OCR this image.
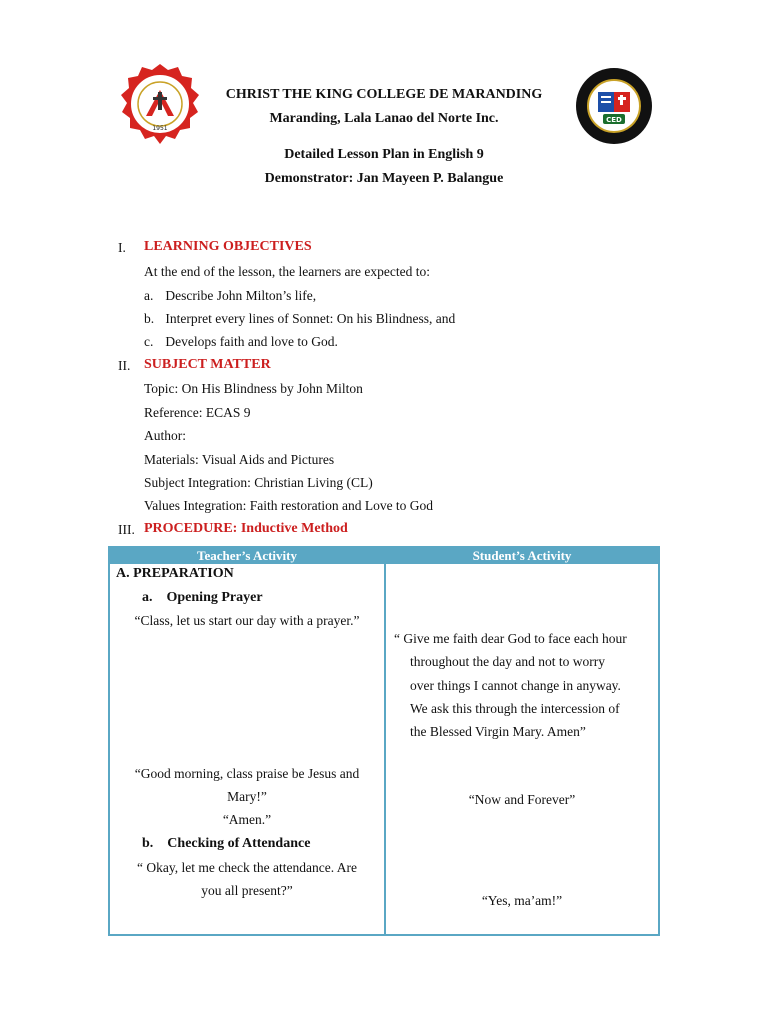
1951
CED
CHRIST THE KING COLLEGE DE MARANDING
Maranding, Lala Lanao del Norte Inc.
Detailed Lesson Plan in English 9
Demonstrator: Jan Mayeen P. Balangue
I. LEARNING OBJECTIVES
At the end of the lesson, the learners are expected to:
a. Describe John Milton’s life,
b. Interpret every lines of Sonnet: On his Blindness, and
c. Develops faith and love to God.
II. SUBJECT MATTER
Topic: On His Blindness by John Milton
Reference: ECAS 9
Author:
Materials: Visual Aids and Pictures
Subject Integration: Christian Living (CL)
Values Integration: Faith restoration and Love to God
III. PROCEDURE: Inductive Method
Teacher’s Activity	Student’s Activity
A. PREPARATION
a. Opening Prayer
“Class, let us start our day with a prayer.”
“Good morning, class praise be Jesus and
Mary!”
“Amen.”
b. Checking of Attendance
“ Okay, let me check the attendance. Are
you all present?”
“ Give me faith dear God to face each hour
throughout the day and not to worry
over things I cannot change in anyway.
We ask this through the intercession of
the Blessed Virgin Mary. Amen”
“Now and Forever”
“Yes, ma’am!”
